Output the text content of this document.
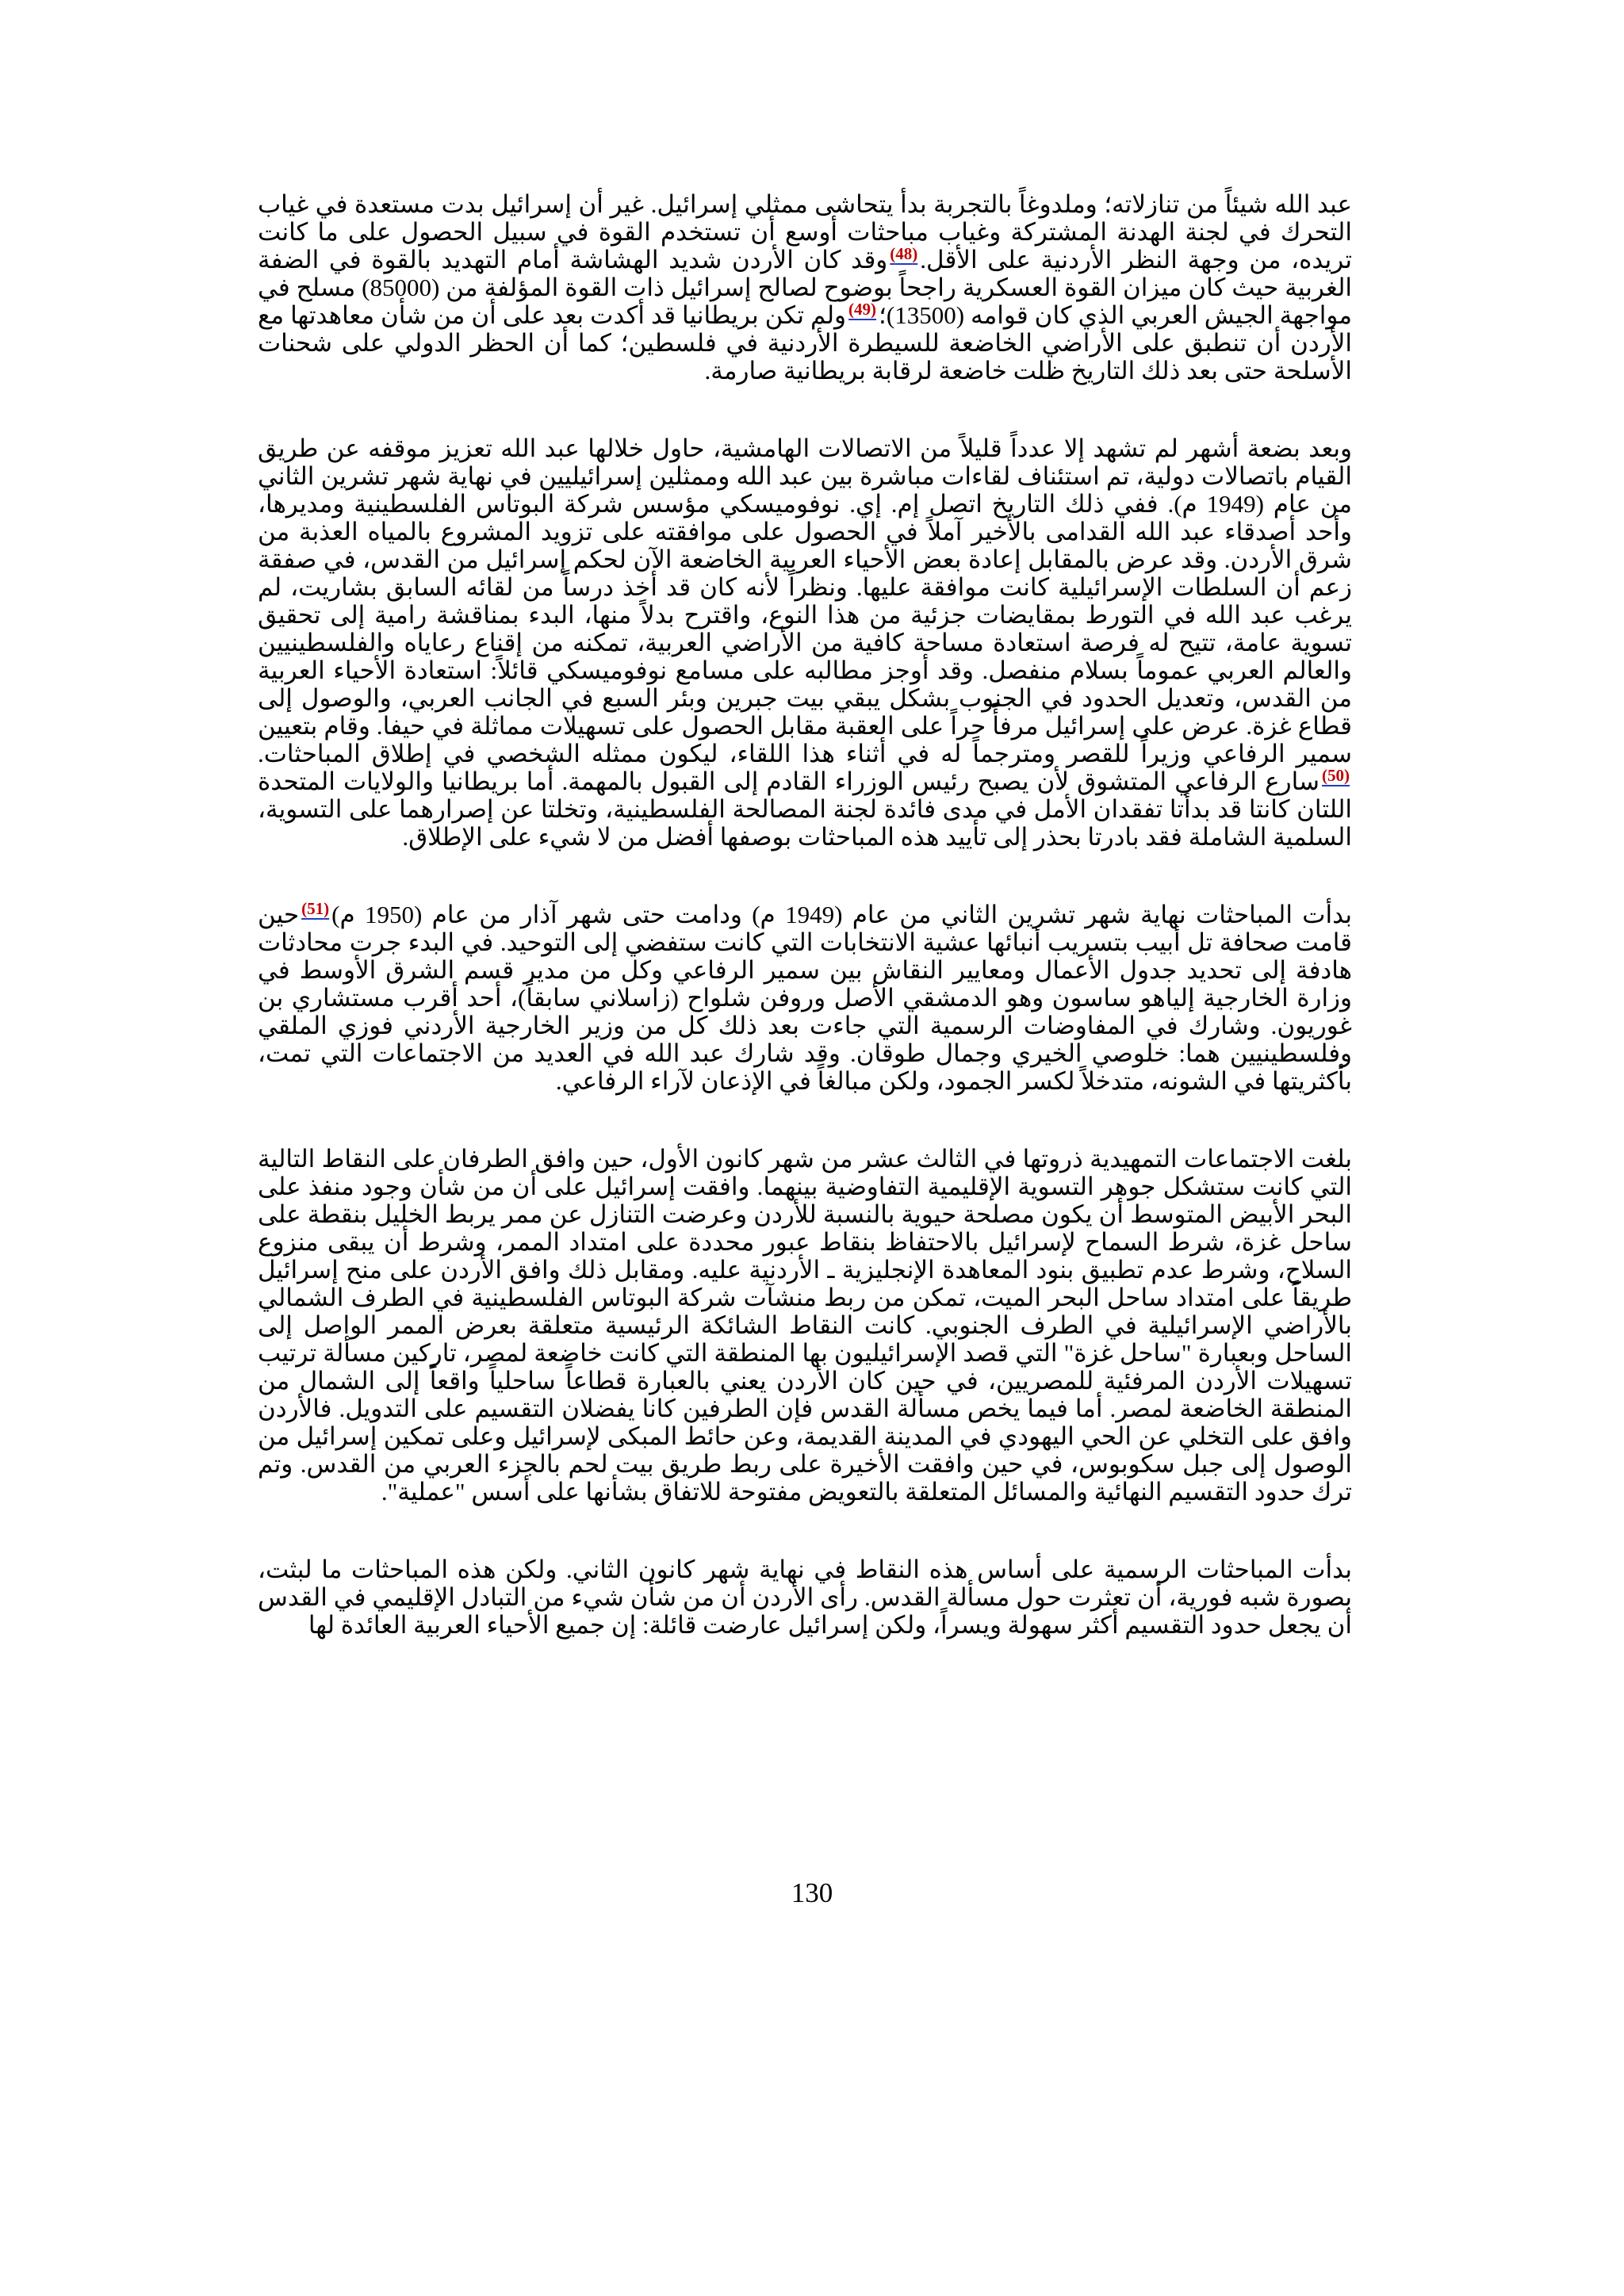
عبد الله شيئاً من تنازلاته؛ وملدوغاً بالتجربة بدأ يتحاشى ممثلي إسرائيل. غير أن إسرائيل بدت مستعدة في غياب التحرك في لجنة الهدنة المشتركة وغياب مباحثات أوسع أن تستخدم القوة في سبيل الحصول على ما كانت تريده، من وجهة النظر الأردنية على الأقل.$^{(48)}$وقد كان الأردن شديد الهشاشة أمام التهديد بالقوة في الضفة الغربية حيث كان ميزان القوة العسكرية راجحاً بوضوح لصالح إسرائيل ذات القوة المؤلفة من (85000) مسلح في مواجهة الجيش العربي الذي كان قوامه (13500)؛$^{(49)}$ولم تكن بريطانيا قد أكدت بعد على أن من شأن معاهدتها مع الأردن أن تنطبق على الأراضي الخاضعة للسيطرة الأردنية في فلسطين؛ كما أن الحظر الدولي على شحنات الأسلحة حتى بعد ذلك التاريخ ظلت خاضعة لرقابة بريطانية صارمة.

وبعد بضعة أشهر لم تشهد إلا عدداً قليلاً من الاتصالات الهامشية، حاول خلالها عبد الله تعزيز موقفه عن طريق القيام باتصالات دولية، تم استئناف لقاءات مباشرة بين عبد الله وممثلين إسرائيليين في نهاية شهر تشرين الثاني من عام (1949 م). ففي ذلك التاريخ اتصل إم. إي. نوفوميسكي مؤسس شركة البوتاس الفلسطينية ومديرها، وأحد أصدقاء عبد الله القدامى بالأخير آملاً في الحصول على موافقته على تزويد المشروع بالمياه العذبة من شرق الأردن. وقد عرض بالمقابل إعادة بعض الأحياء العربية الخاضعة الآن لحكم إسرائيل من القدس، في صفقة زعم أن السلطات الإسرائيلية كانت موافقة عليها. ونظراً لأنه كان قد أخذ درساً من لقائه السابق بشاريت، لم يرغب عبد الله في التورط بمقايضات جزئية من هذا النوع، واقترح بدلاً منها، البدء بمناقشة رامية إلى تحقيق تسوية عامة، تتيح له فرصة استعادة مساحة كافية من الأراضي العربية، تمكنه من إقناع رعاياه والفلسطينيين والعالم العربي عموماً بسلام منفصل. وقد أوجز مطالبه على مسامع نوفوميسكي قائلاً: استعادة الأحياء العربية من القدس، وتعديل الحدود في الجنوب بشكل يبقي بيت جبرين وبئر السبع في الجانب العربي، والوصول إلى قطاع غزة. عرض على إسرائيل مرفأً حراً على العقبة مقابل الحصول على تسهيلات مماثلة في حيفا. وقام بتعيين سمير الرفاعي وزيراً للقصر ومترجماً له في أثناء هذا اللقاء، ليكون ممثله الشخصي في إطلاق المباحثات.$^{(50)}$سارع الرفاعي المتشوق لأن يصبح رئيس الوزراء القادم إلى القبول بالمهمة. أما بريطانيا والولايات المتحدة اللتان كانتا قد بدأتا تفقدان الأمل في مدى فائدة لجنة المصالحة الفلسطينية، وتخلتا عن إصرارهما على التسوية، السلمية الشاملة فقد بادرتا بحذر إلى تأييد هذه المباحثات بوصفها أفضل من لا شيء على الإطلاق.

بدأت المباحثات نهاية شهر تشرين الثاني من عام (1949 م) ودامت حتى شهر آذار من عام (1950 م)$^{(51)}$حين قامت صحافة تل أبيب بتسريب أنبائها عشية الانتخابات التي كانت ستفضي إلى التوحيد. في البدء جرت محادثات هادفة إلى تحديد جدول الأعمال ومعايير النقاش بين سمير الرفاعي وكل من مدير قسم الشرق الأوسط في وزارة الخارجية إلياهو ساسون وهو الدمشقي الأصل وروفن شلواح (زاسلاني سابقاً)، أحد أقرب مستشاري بن غوريون. وشارك في المفاوضات الرسمية التي جاءت بعد ذلك كل من وزير الخارجية الأردني فوزي الملقي وفلسطينيين هما: خلوصي الخيري وجمال طوقان. وقد شارك عبد الله في العديد من الاجتماعات التي تمت، بأكثريتها في الشونه، متدخلاً لكسر الجمود، ولكن مبالغاً في الإذعان لآراء الرفاعي.

بلغت الاجتماعات التمهيدية ذروتها في الثالث عشر من شهر كانون الأول، حين وافق الطرفان على النقاط التالية التي كانت ستشكل جوهر التسوية الإقليمية التفاوضية بينهما. وافقت إسرائيل على أن من شأن وجود منفذ على البحر الأبيض المتوسط أن يكون مصلحة حيوية بالنسبة للأردن وعرضت التنازل عن ممر يربط الخليل بنقطة على ساحل غزة، شرط السماح لإسرائيل بالاحتفاظ بنقاط عبور محددة على امتداد الممر، وشرط أن يبقى منزوع السلاح، وشرط عدم تطبيق بنود المعاهدة الإنجليزية ـ الأردنية عليه. ومقابل ذلك وافق الأردن على منح إسرائيل طريقاً على امتداد ساحل البحر الميت، تمكن من ربط منشآت شركة البوتاس الفلسطينية في الطرف الشمالي بالأراضي الإسرائيلية في الطرف الجنوبي. كانت النقاط الشائكة الرئيسية متعلقة بعرض الممر الواصل إلى الساحل وبعبارة "ساحل غزة" التي قصد الإسرائيليون بها المنطقة التي كانت خاضعة لمصر، تاركين مسألة ترتيب تسهيلات الأردن المرفئية للمصريين، في حين كان الأردن يعني بالعبارة قطاعاً ساحلياً واقعاً إلى الشمال من المنطقة الخاضعة لمصر. أما فيما يخص مسألة القدس فإن الطرفين كانا يفضلان التقسيم على التدويل. فالأردن وافق على التخلي عن الحي اليهودي في المدينة القديمة، وعن حائط المبكى لإسرائيل وعلى تمكين إسرائيل من الوصول إلى جبل سكوبوس، في حين وافقت الأخيرة على ربط طريق بيت لحم بالجزء العربي من القدس. وتم ترك حدود التقسيم النهائية والمسائل المتعلقة بالتعويض مفتوحة للاتفاق بشأنها على أسس "عملية".

بدأت المباحثات الرسمية على أساس هذه النقاط في نهاية شهر كانون الثاني. ولكن هذه المباحثات ما لبثت، بصورة شبه فورية، أن تعثرت حول مسألة القدس. رأى الأردن أن من شأن شيء من التبادل الإقليمي في القدس أن يجعل حدود التقسيم أكثر سهولة ويسراً، ولكن إسرائيل عارضت قائلة: إن جميع الأحياء العربية العائدة لها

130
